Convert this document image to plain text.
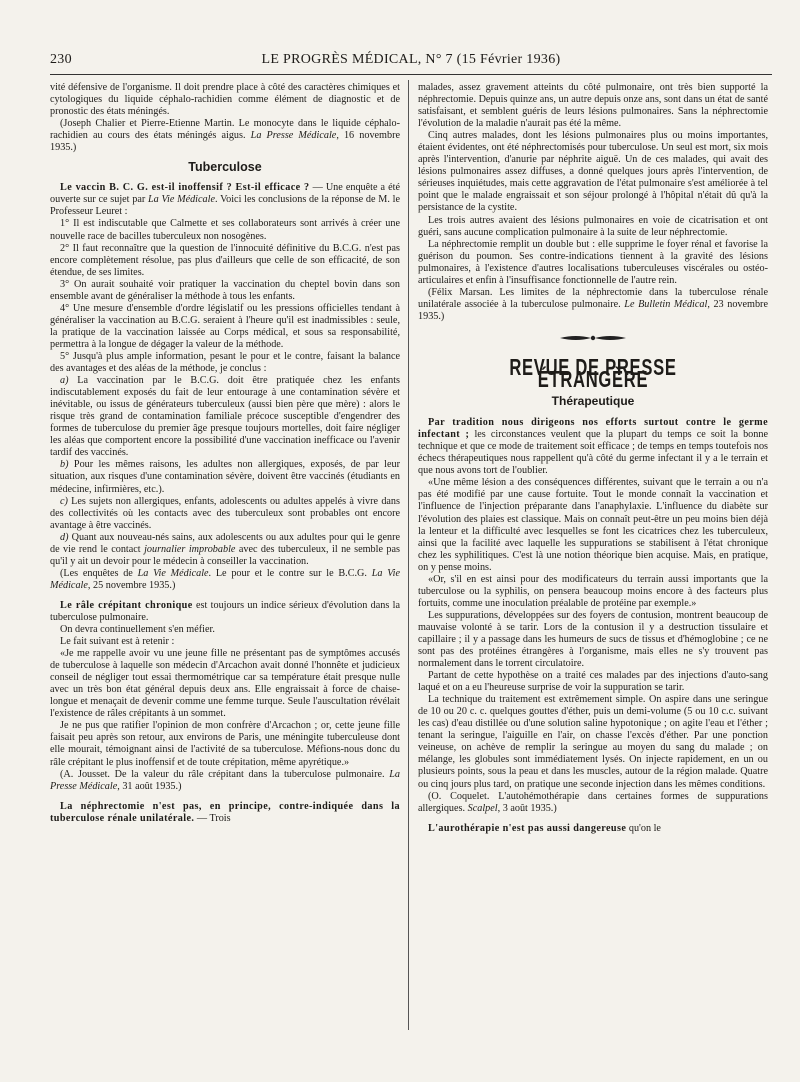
230	LE PROGRÈS MÉDICAL, N° 7 (15 Février 1936)

vité défensive de l'organisme. Il doit prendre place à côté des caractères chimiques et cytologiques du liquide céphalo-rachidien comme élément de diagnostic et de pronostic des états méningés.

(Joseph Chalier et Pierre-Etienne Martin. Le monocyte dans le liquide céphalo-rachidien au cours des états méningés aigus. La Presse Médicale, 16 novembre 1935.)

Tuberculose

Le vaccin B. C. G. est-il inoffensif ? Est-il efficace ? — Une enquête a été ouverte sur ce sujet par La Vie Médicale. Voici les conclusions de la réponse de M. le Professeur Leuret :

1° Il est indiscutable que Calmette et ses collaborateurs sont arrivés à créer une nouvelle race de bacilles tuberculeux non nosogènes.

2° Il faut reconnaître que la question de l'innocuité définitive du B.C.G. n'est pas encore complètement résolue, pas plus d'ailleurs que celle de son efficacité, de son étendue, de ses limites.

3° On aurait souhaité voir pratiquer la vaccination du cheptel bovin dans son ensemble avant de généraliser la méthode à tous les enfants.

4° Une mesure d'ensemble d'ordre législatif ou les pressions officielles tendant à généraliser la vaccination au B.C.G. seraient à l'heure qu'il est inadmissibles : seule, la pratique de la vaccination laissée au Corps médical, et sous sa responsabilité, permettra à la longue de dégager la valeur de la méthode.

5° Jusqu'à plus ample information, pesant le pour et le contre, faisant la balance des avantages et des aléas de la méthode, je conclus :

a) La vaccination par le B.C.G. doit être pratiquée chez les enfants indiscutablement exposés du fait de leur entourage à une contamination sévère et inévitable, ou issus de générateurs tuberculeux (aussi bien père que mère) : alors le risque très grand de contamination familiale précoce susceptible d'engendrer des formes de tuberculose du premier âge presque toujours mortelles, doit faire négliger les aléas que comportent encore la possibilité d'une vaccination inefficace ou l'avenir tardif des vaccinés.

b) Pour les mêmes raisons, les adultes non allergiques, exposés, de par leur situation, aux risques d'une contamination sévère, doivent être vaccinés (étudiants en médecine, infirmières, etc.).

c) Les sujets non allergiques, enfants, adolescents ou adultes appelés à vivre dans des collectivités où les contacts avec des tuberculeux sont probables ont encore avantage à être vaccinés.

d) Quant aux nouveau-nés sains, aux adolescents ou aux adultes pour qui le genre de vie rend le contact journalier improbable avec des tuberculeux, il ne semble pas qu'il y ait un devoir pour le médecin à conseiller la vaccination.

(Les enquêtes de La Vie Médicale. Le pour et le contre sur le B.C.G. La Vie Médicale, 25 novembre 1935.)

Le râle crépitant chronique est toujours un indice sérieux d'évolution dans la tuberculose pulmonaire.

On devra continuellement s'en méfier.

Le fait suivant est à retenir :

«Je me rappelle avoir vu une jeune fille ne présentant pas de symptômes accusés de tuberculose à laquelle son médecin d'Arcachon avait donné l'honnête et judicieux conseil de négliger tout essai thermométrique car sa température était presque nulle avec un très bon état général depuis deux ans. Elle engraissait à force de chaise-longue et menaçait de devenir comme une femme turque. Seule l'auscultation révélait l'existence de râles crépitants à un sommet.

Je ne pus que ratifier l'opinion de mon confrère d'Arcachon ; or, cette jeune fille faisait peu après son retour, aux environs de Paris, une méningite tuberculeuse dont elle mourait, témoignant ainsi de l'activité de sa tuberculose. Méfions-nous donc du râle crépitant le plus inoffensif et de toute crépitation, même apyrétique.»

(A. Jousset. De la valeur du râle crépitant dans la tuberculose pulmonaire. La Presse Médicale, 31 août 1935.)

La néphrectomie n'est pas, en principe, contre-indiquée dans la tuberculose rénale unilatérale. — Trois

malades, assez gravement atteints du côté pulmonaire, ont très bien supporté la néphrectomie. Depuis quinze ans, un autre depuis onze ans, sont dans un état de santé satisfaisant, et semblent guéris de leurs lésions pulmonaires. Sans la néphrectomie l'évolution de la maladie n'aurait pas été la même.

Cinq autres malades, dont les lésions pulmonaires plus ou moins importantes, étaient évidentes, ont été néphrectomisés pour tuberculose. Un seul est mort, six mois après l'intervention, d'anurie par néphrite aiguë. Un de ces malades, qui avait des lésions pulmonaires assez diffuses, a donné quelques jours après l'intervention, de sérieuses inquiétudes, mais cette aggravation de l'état pulmonaire s'est améliorée à tel point que le malade engraissait et son séjour prolongé à l'hôpital n'était dû qu'à la persistance de la cystite.

Les trois autres avaient des lésions pulmonaires en voie de cicatrisation et ont guéri, sans aucune complication pulmonaire à la suite de leur néphrectomie.

La néphrectomie remplit un double but : elle supprime le foyer rénal et favorise la guérison du poumon. Ses contre-indications tiennent à la gravité des lésions pulmonaires, à l'existence d'autres localisations tuberculeuses viscérales ou ostéo-articulaires et enfin à l'insuffisance fonctionnelle de l'autre rein.

(Félix Marsan. Les limites de la néphrectomie dans la tuberculose rénale unilatérale associée à la tuberculose pulmonaire. Le Bulletin Médical, 23 novembre 1935.)

REVUE DE PRESSE ÉTRANGÈRE
Thérapeutique

Par tradition nous dirigeons nos efforts surtout contre le germe infectant ; les circonstances veulent que la plupart du temps ce soit la bonne technique et que ce mode de traitement soit efficace ; de temps en temps toutefois nos échecs thérapeutiques nous rappellent qu'à côté du germe infectant il y a le terrain et que nous avons tort de l'oublier.

«Une même lésion a des conséquences différentes, suivant que le terrain a ou n'a pas été modifié par une cause fortuite. Tout le monde connaît la vaccination et l'influence de l'injection préparante dans l'anaphylaxie. L'influence du diabète sur l'évolution des plaies est classique. Mais on connaît peut-être un peu moins bien déjà la lenteur et la difficulté avec lesquelles se font les cicatrices chez les tuberculeux, ainsi que la facilité avec laquelle les suppurations se stabilisent à l'état chronique chez les syphilitiques. C'est là une notion théorique bien acquise. Mais, en pratique, on y pense moins.

«Or, s'il en est ainsi pour des modificateurs du terrain aussi importants que la tuberculose ou la syphilis, on pensera beaucoup moins encore à des facteurs plus fortuits, comme une inoculation préalable de protéine par exemple.»

Les suppurations, développées sur des foyers de contusion, montrent beaucoup de mauvaise volonté à se tarir. Lors de la contusion il y a destruction tissulaire et capillaire ; il y a passage dans les humeurs de sucs de tissus et d'hémoglobine ; ce ne sont pas des protéines étrangères à l'organisme, mais elles ne s'y trouvent pas normalement dans le torrent circulatoire.

Partant de cette hypothèse on a traité ces malades par des injections d'auto-sang laqué et on a eu l'heureuse surprise de voir la suppuration se tarir.

La technique du traitement est extrêmement simple. On aspire dans une seringue de 10 ou 20 c. c. quelques gouttes d'éther, puis un demi-volume (5 ou 10 c.c. suivant les cas) d'eau distillée ou d'une solution saline hypotonique ; on agite l'eau et l'éther ; tenant la seringue, l'aiguille en l'air, on chasse l'excès d'éther. Par une ponction veineuse, on achève de remplir la seringue au moyen du sang du malade ; on mélange, les globules sont immédiatement lysés. On injecte rapidement, en un ou plusieurs points, sous la peau et dans les muscles, autour de la région malade. Quatre ou cinq jours plus tard, on pratique une seconde injection dans les mêmes conditions.

(O. Coquelet. L'autohémothérapie dans certaines formes de suppurations allergiques. Scalpel, 3 août 1935.)

L'aurothérapie n'est pas aussi dangereuse qu'on le
